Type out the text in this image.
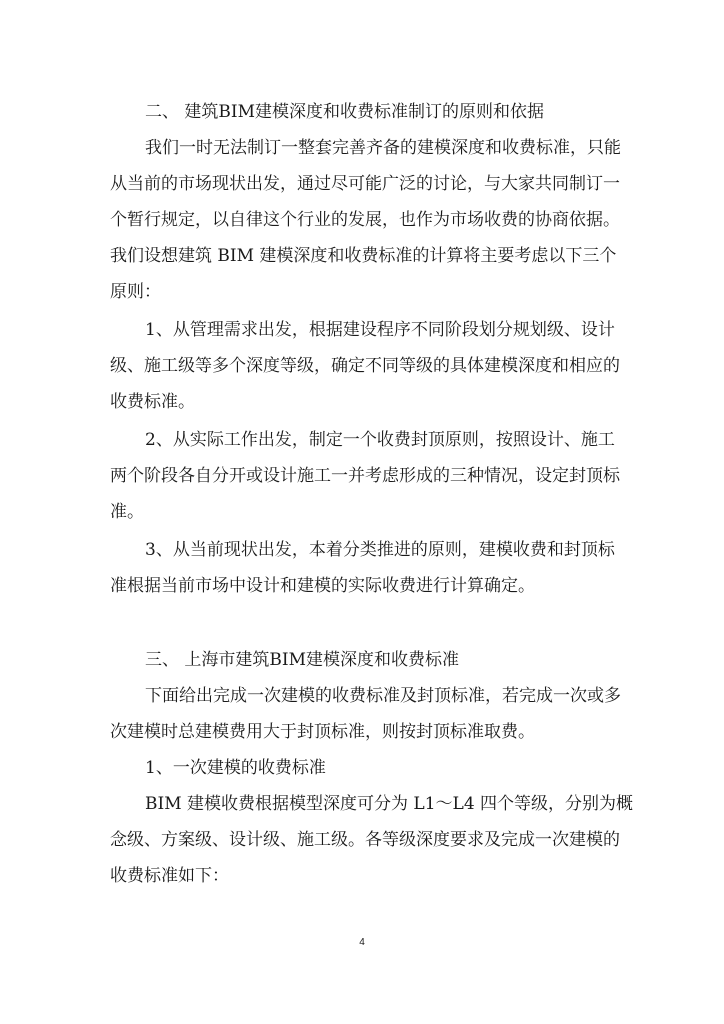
二、 建筑BIM建模深度和收费标准制订的原则和依据

我们一时无法制订一整套完善齐备的建模深度和收费标准，只能

从当前的市场现状出发，通过尽可能广泛的讨论，与大家共同制订一

个暂行规定，以自律这个行业的发展，也作为市场收费的协商依据。

我们设想建筑 BIM 建模深度和收费标准的计算将主要考虑以下三个

原则：

1、从管理需求出发，根据建设程序不同阶段划分规划级、设计

级、施工级等多个深度等级，确定不同等级的具体建模深度和相应的

收费标准。

2、从实际工作出发，制定一个收费封顶原则，按照设计、施工

两个阶段各自分开或设计施工一并考虑形成的三种情况，设定封顶标

准。

3、从当前现状出发，本着分类推进的原则，建模收费和封顶标

准根据当前市场中设计和建模的实际收费进行计算确定。

三、 上海市建筑BIM建模深度和收费标准

下面给出完成一次建模的收费标准及封顶标准，若完成一次或多

次建模时总建模费用大于封顶标准，则按封顶标准取费。

1、一次建模的收费标准

BIM 建模收费根据模型深度可分为 L1～L4 四个等级，分别为概

念级、方案级、设计级、施工级。各等级深度要求及完成一次建模的

收费标准如下：

4
